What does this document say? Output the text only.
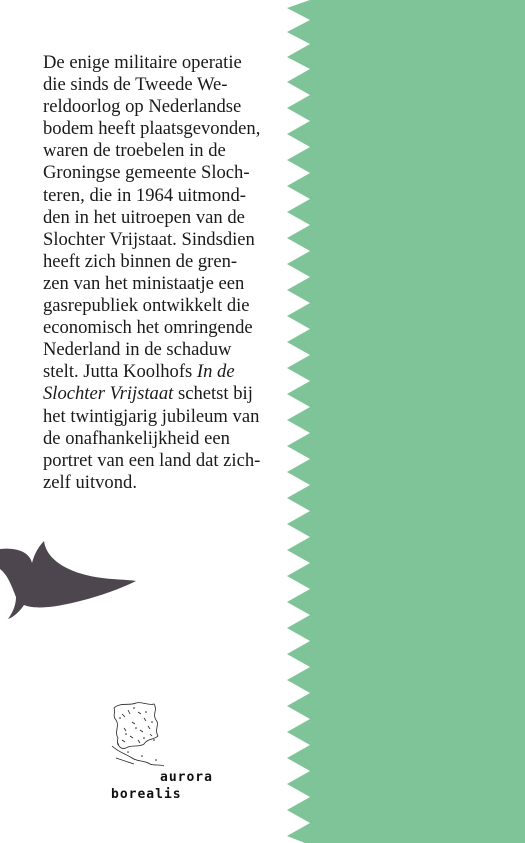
De enige militaire operatie
die sinds de Tweede We-
reldoorlog op Nederlandse
bodem heeft plaatsgevonden,
waren de troebelen in de
Groningse gemeente Sloch-
teren, die in 1964 uitmond-
den in het uitroepen van de
Slochter Vrijstaat. Sindsdien
heeft zich binnen de gren-
zen van het ministaatje een
gasrepubliek ontwikkelt die
economisch het omringende
Nederland in de schaduw
stelt. Jutta Koolhofs In de
Slochter Vrijstaat schetst bij
het twintigjarig jubileum van
de onafhankelijkheid een
portret van een land dat zich-
zelf uitvond.

aurora
borealis
